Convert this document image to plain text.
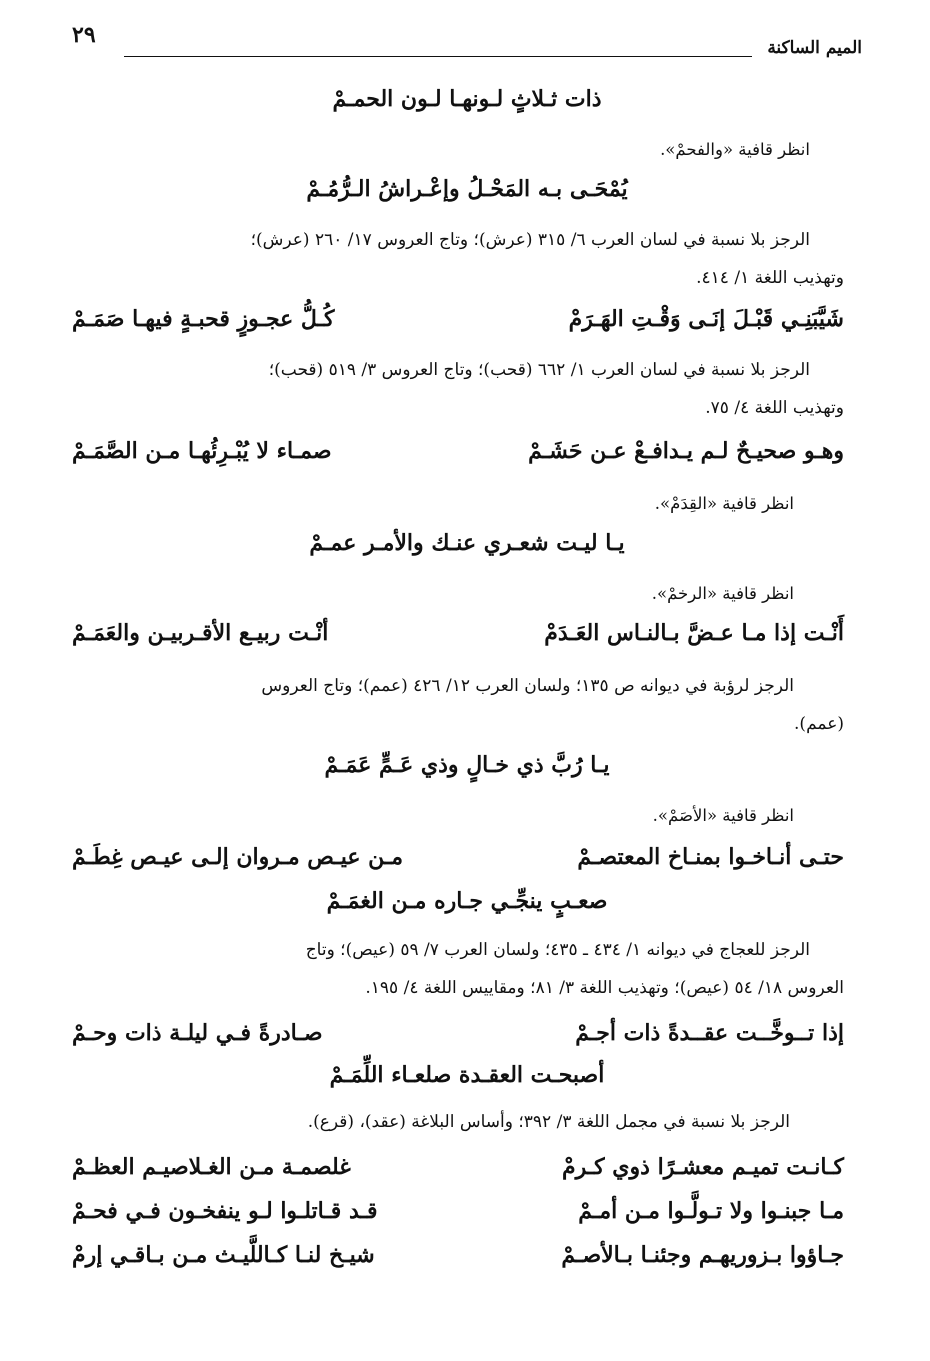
الميم الساكنة
٢٩
ذات ثـلاثٍ لـونهـا لـون الحمـمْ
انظر قافية «والفحمْ».
يُمْحَـى بـه المَحْـلُ وإعْـراشُ الـرُّمُـمْ
الرجز بلا نسبة في لسان العرب ٦/ ٣١٥ (عرش)؛ وتاج العروس ١٧/ ٢٦٠ (عرش)؛
وتهذيب اللغة ١/ ٤١٤.
شَيَّبَنِـي قَبْـلَ إنَـى وَقْـتِ الهَـرَمْ
كُـلُّ عجـوزٍ قحبـةٍ فيهـا صَمَـمْ
الرجز بلا نسبة في لسان العرب ١/ ٦٦٢ (قحب)؛ وتاج العروس ٣/ ٥١٩ (قحب)؛
وتهذيب اللغة ٤/ ٧٥.
وهـو صحيـحٌ لـم يـدافـعْ عـن حَشَـمْ
صمـاء لا يُبْـرِئُهـا مـن الصَّمَـمْ
انظر قافية «القِدَمْ».
يـا ليـت شعـري عنـك والأمـر عمـمْ
انظر قافية «الرخمْ».
أَنْـت إذا مـا عـضَّ بـالنـاس العَـدَمْ
أنْـت ربيـع الأقـربيـن والعَمَـمْ
الرجز لرؤبة في ديوانه ص ١٣٥؛ ولسان العرب ١٢/ ٤٢٦ (عمم)؛ وتاج العروس
(عمم).
يـا رُبَّ ذي خـالٍ وذي عَـمٍّ عَمَـمْ
انظر قافية «الأصَمْ».
حتـى أنـاخـوا بمنـاخ المعتصـمْ
مـن عيـص مـروان إلـى عيـص غِطَـمْ
صعـبٍ ينجِّـي جـاره مـن الغمَـمْ
الرجز للعجاج في ديوانه ١/ ٤٣٤ ـ ٤٣٥؛ ولسان العرب ٧/ ٥٩ (عيص)؛ وتاج
العروس ١٨/ ٥٤ (عيص)؛ وتهذيب اللغة ٣/ ٨١؛ ومقاييس اللغة ٤/ ١٩٥.
إذا تــوخَّــت عقــدةً ذات أجـمْ
صـادرةً فـي ليلـة ذات وحـمْ
أصبحـت العقـدة صلعـاء اللِّمَـمْ
الرجز بلا نسبة في مجمل اللغة ٣/ ٣٩٢؛ وأساس البلاغة (عقد)، (قرع).
كـانـت تميـم معشـرًا ذوي كـرمْ
غلصمـة مـن الغـلاصيـم العظـمْ
مـا جبنـوا ولا تـولَّـوا مـن أمـمْ
قـد قـاتلـوا لـو ينفخـون فـي فحـمْ
جـاؤوا بـزوريهـم وجئنـا بـالأصـمْ
شيـخ لنـا كـاللَّيـث مـن بـاقـي إرمْ
